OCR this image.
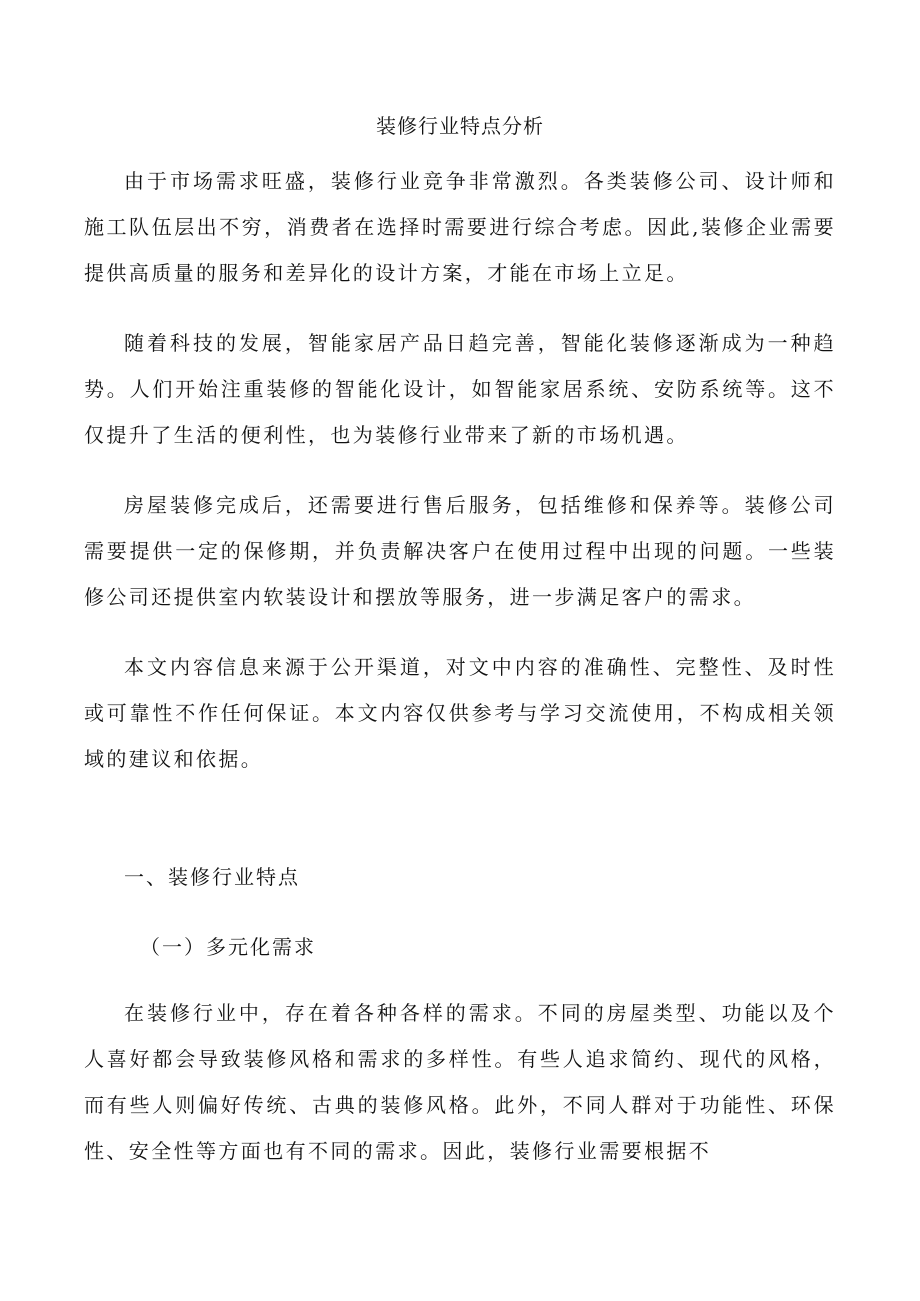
装修行业特点分析

由于市场需求旺盛，装修行业竞争非常激烈。各类装修公司、设计师和施工队伍层出不穷，消费者在选择时需要进行综合考虑。因此,装修企业需要提供高质量的服务和差异化的设计方案，才能在市场上立足。

随着科技的发展，智能家居产品日趋完善，智能化装修逐渐成为一种趋势。人们开始注重装修的智能化设计，如智能家居系统、安防系统等。这不仅提升了生活的便利性，也为装修行业带来了新的市场机遇。

房屋装修完成后，还需要进行售后服务，包括维修和保养等。装修公司需要提供一定的保修期，并负责解决客户在使用过程中出现的问题。一些装修公司还提供室内软装设计和摆放等服务，进一步满足客户的需求。

本文内容信息来源于公开渠道，对文中内容的准确性、完整性、及时性或可靠性不作任何保证。本文内容仅供参考与学习交流使用，不构成相关领域的建议和依据。

一、装修行业特点
（一）多元化需求

在装修行业中，存在着各种各样的需求。不同的房屋类型、功能以及个人喜好都会导致装修风格和需求的多样性。有些人追求简约、现代的风格，而有些人则偏好传统、古典的装修风格。此外，不同人群对于功能性、环保性、安全性等方面也有不同的需求。因此，装修行业需要根据不
